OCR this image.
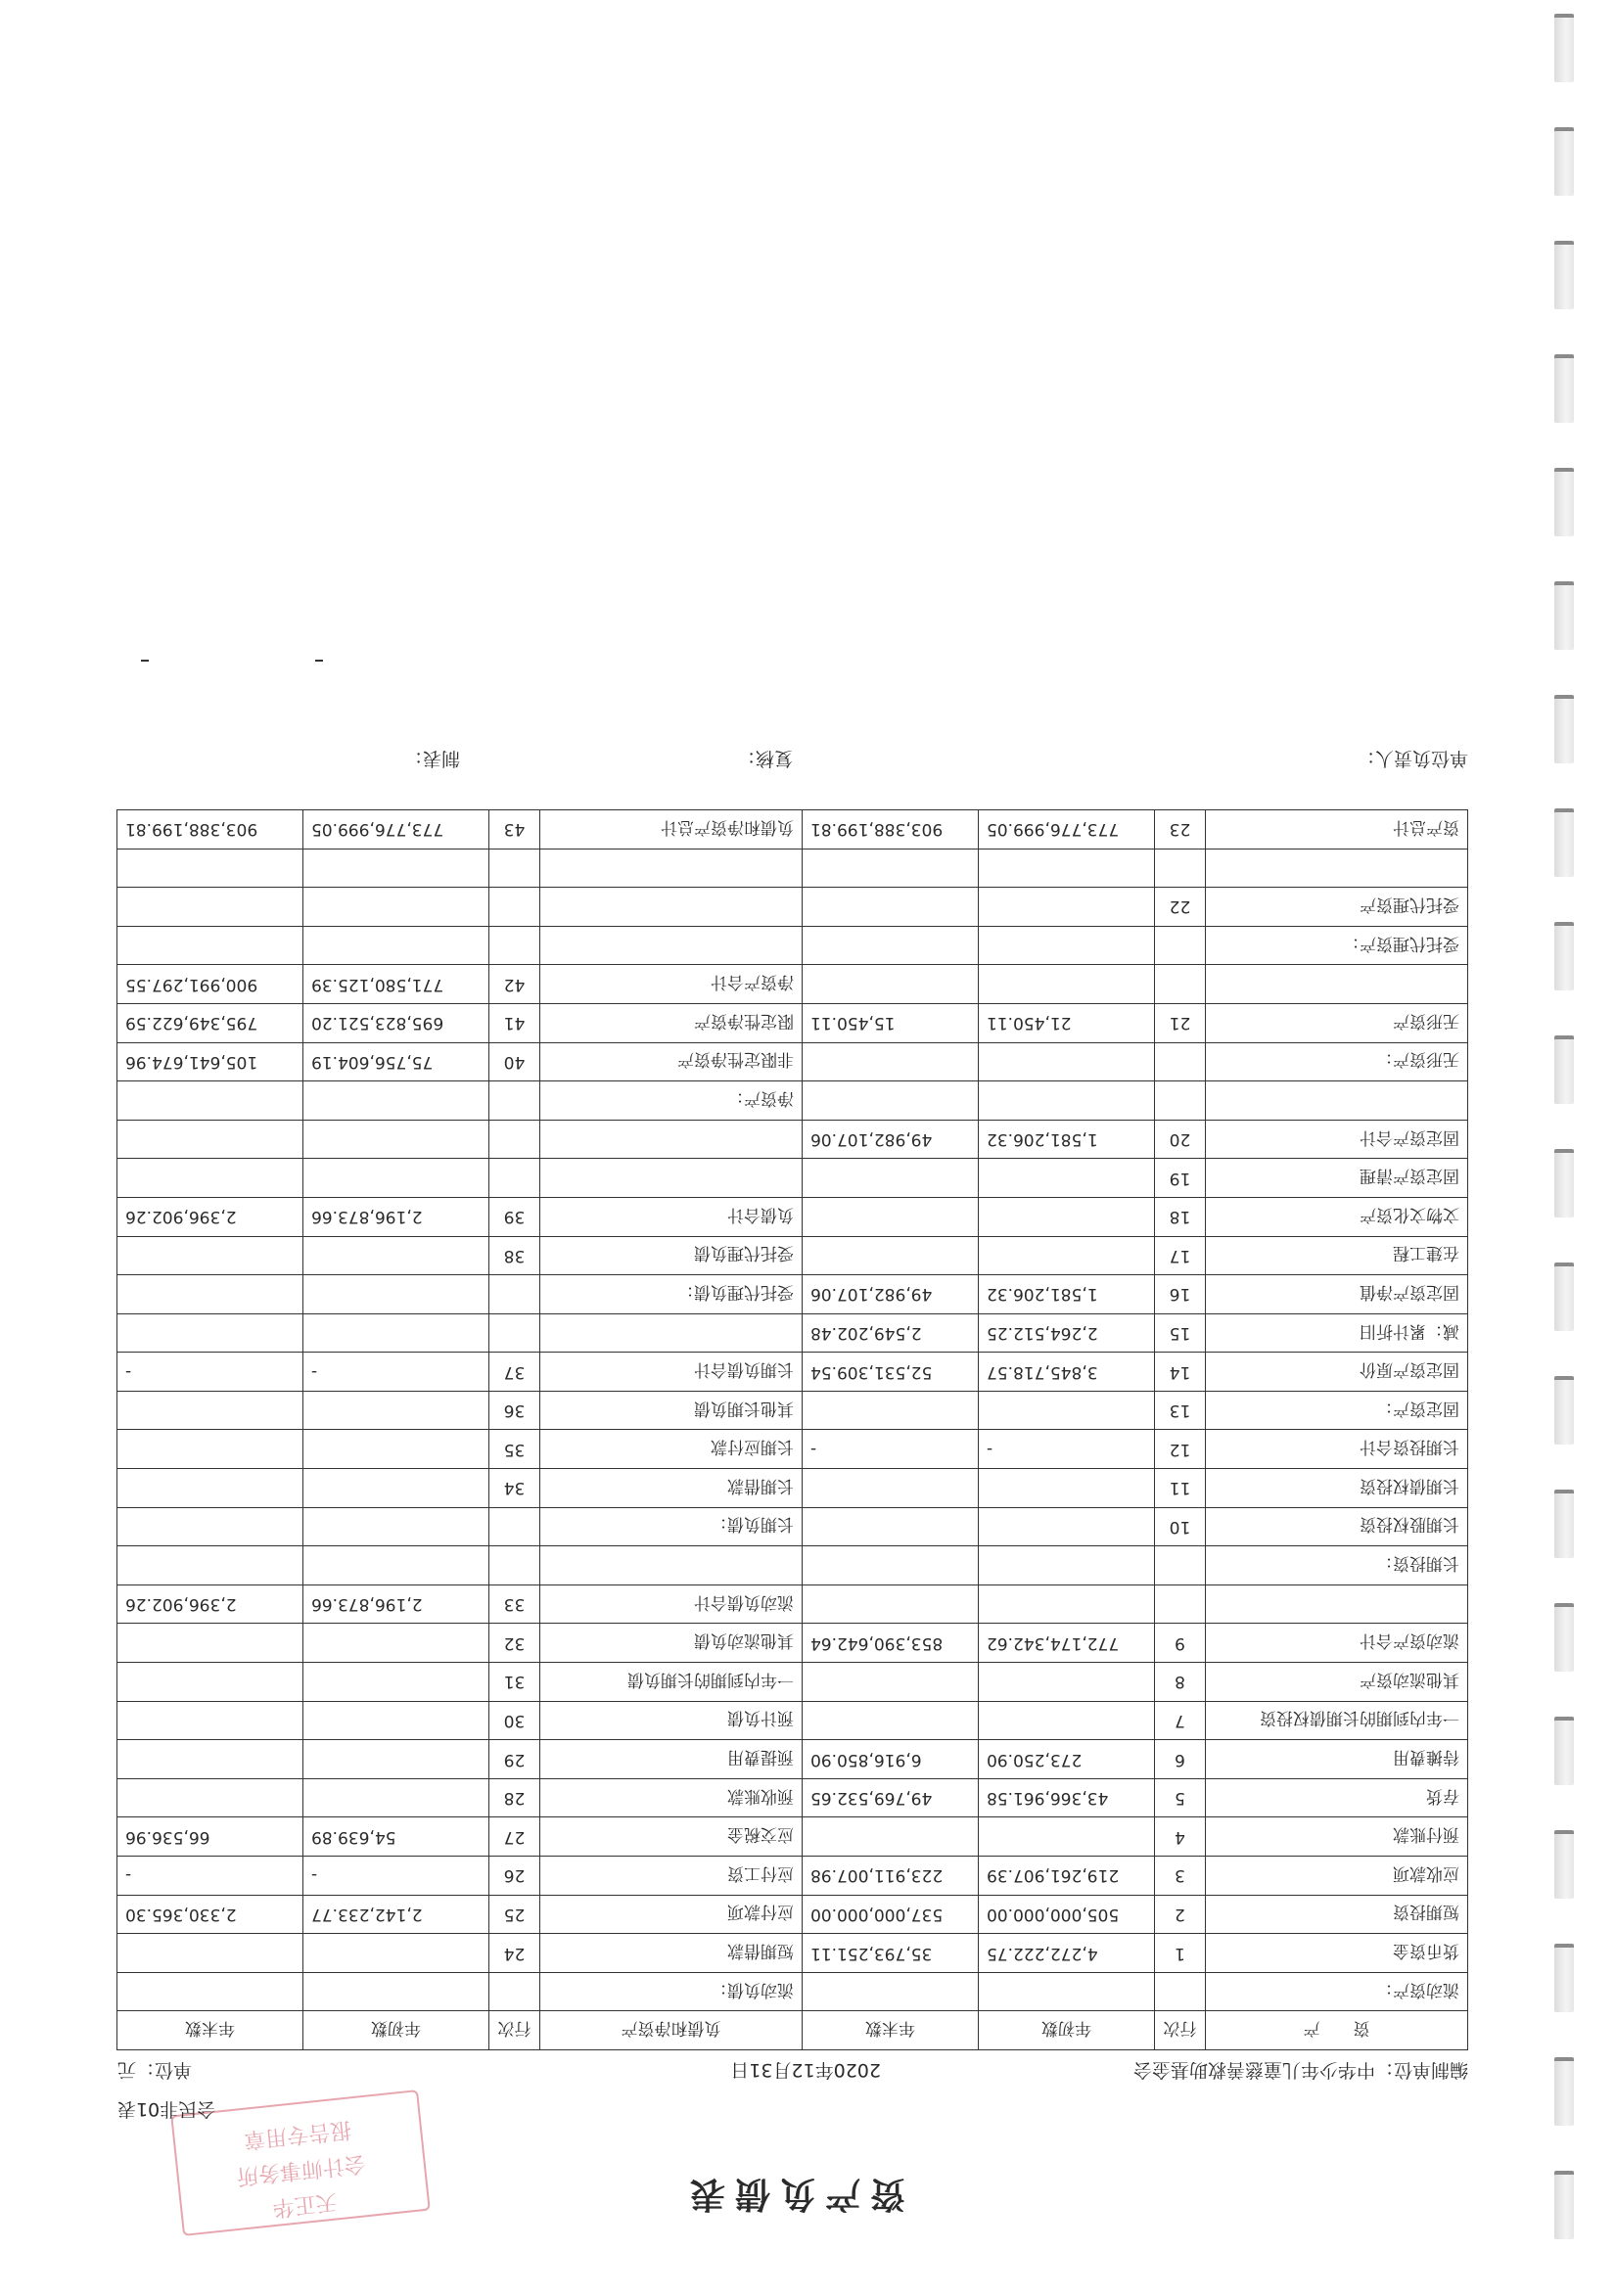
资产负债表
天正华
会计师事务所
报告专用章
会民非01表
编制单位：中华少年儿童慈善救助基金会
2020年12月31日
单位：元
资　　产	行次	年初数	年末数	负债和净资产	行次	年初数	年末数
流动资产：				流动负债：			
货币资金	1	4,272,222.75	35,793,251.11	短期借款	24		
短期投资	2	505,000,000.00	537,000,000.00	应付款项	25	2,142,233.77	2,330,365.30
应收款项	3	219,261,907.39	223,911,007.98	应付工资	26	-	-
预付账款	4			应交税金	27	54,639.89	66,536.96
存货	5	43,366,961.58	49,769,532.65	预收账款	28		
待摊费用	6	273,250.90	6,916,850.90	预提费用	29		
一年内到期的长期债权投资	7			预计负债	30		
其他流动资产	8			一年内到期的长期负债	31		
流动资产合计	9	772,174,342.62	853,390,642.64	其他流动负债	32		
				流动负债合计	33	2,196,873.66	2,396,902.26
长期投资：							
长期股权投资	10			长期负债：			
长期债权投资	11			长期借款	34		
长期投资合计	12	-	-	长期应付款	35		
固定资产：	13			其他长期负债	36		
固定资产原价	14	3,845,718.57	52,531,309.54	长期负债合计	37	-	-
减：累计折旧	15	2,264,512.25	2,549,202.48				
固定资产净值	16	1,581,206.32	49,982,107.06	受托代理负债：			
在建工程	17			受托代理负债	38		
文物文化资产	18			负债合计	39	2,196,873.66	2,396,902.26
固定资产清理	19						
固定资产合计	20	1,581,206.32	49,982,107.06				
				净资产：			
无形资产：				非限定性净资产	40	75,756,604.19	105,641,674.96
无形资产	21	21,450.11	15,450.11	限定性净资产	41	695,823,521.20	795,349,622.59
				净资产合计	42	771,580,125.39	900,991,297.55
受托代理资产：							
受托代理资产	22						

资产总计	23	773,776,999.05	903,388,199.81	负债和净资产总计	43	773,776,999.05	903,388,199.81
单位负责人：
复核：
制表：
